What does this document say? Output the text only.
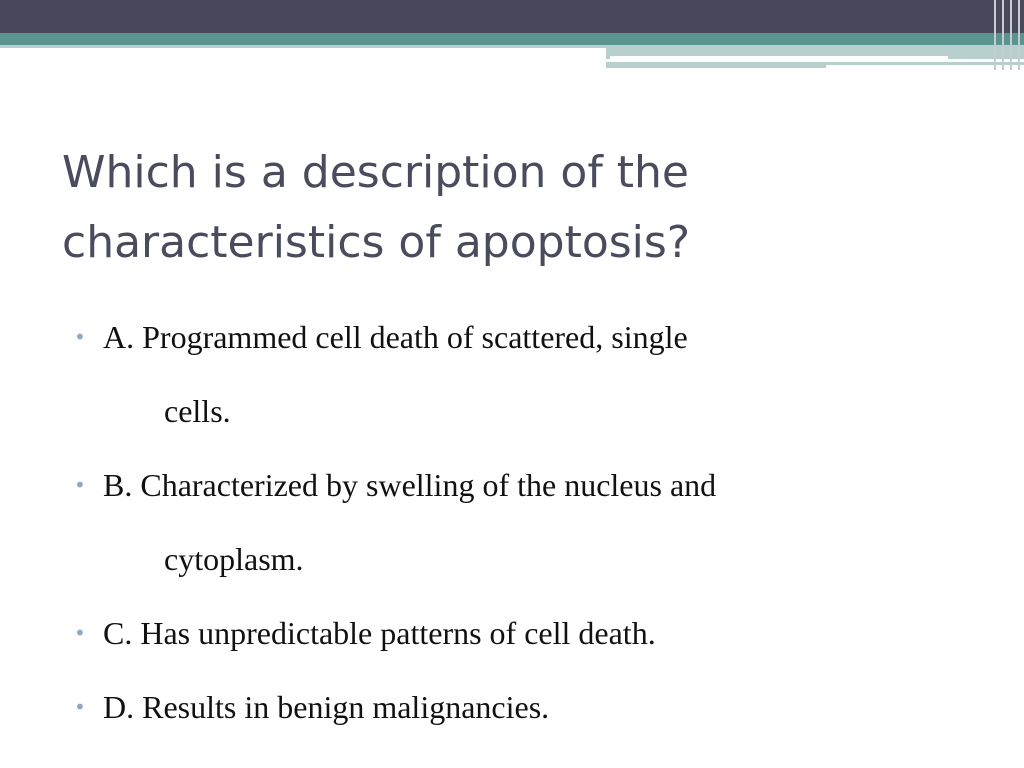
Which is a description of the characteristics of apoptosis?
• A. Programmed cell death of scattered, single
cells.
• B. Characterized by swelling of the nucleus and
cytoplasm.
• C. Has unpredictable patterns of cell death.
• D. Results in benign malignancies.
